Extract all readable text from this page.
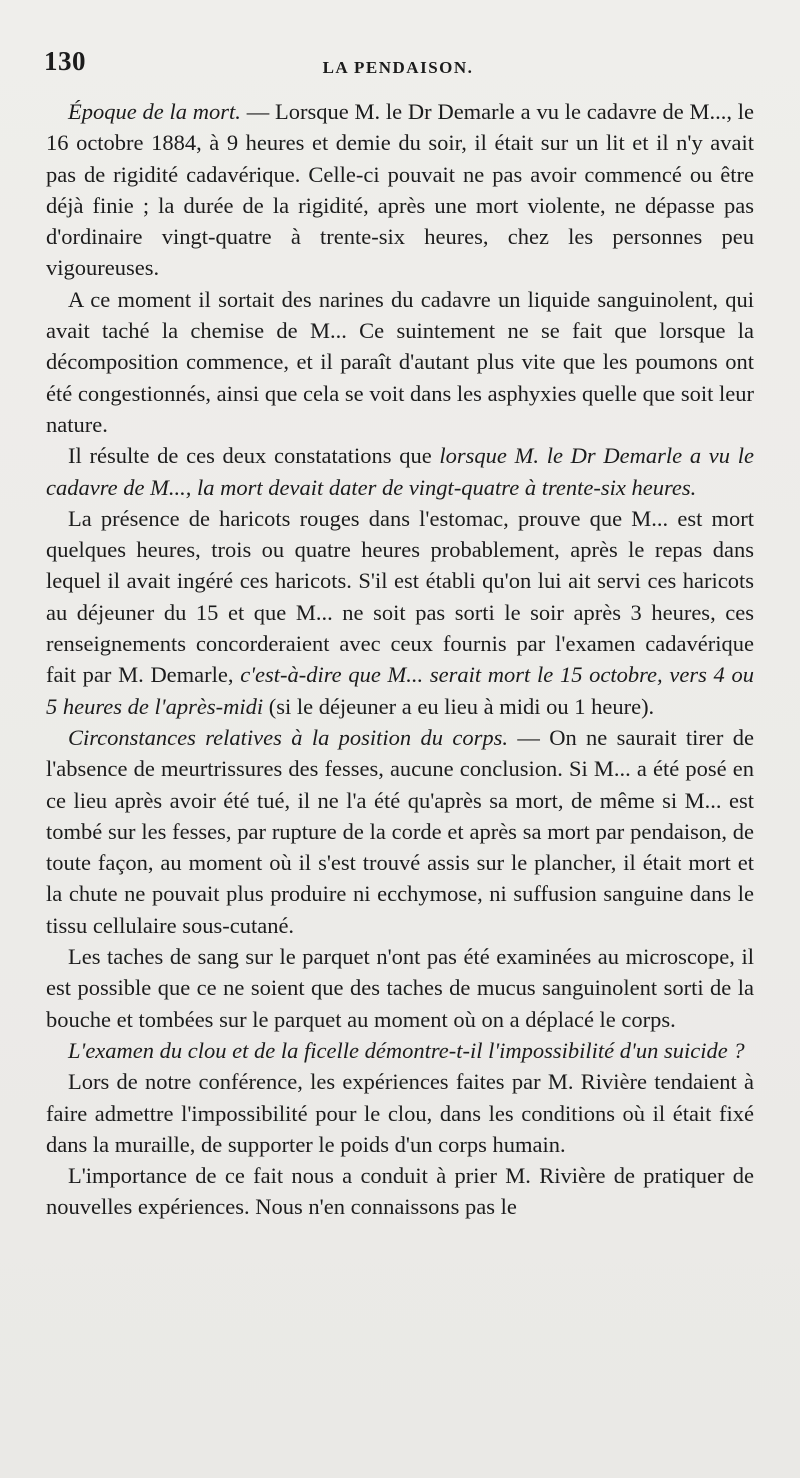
130	LA PENDAISON.

Époque de la mort. — Lorsque M. le Dr Demarle a vu le cadavre de M..., le 16 octobre 1884, à 9 heures et demie du soir, il était sur un lit et il n'y avait pas de rigidité cadavérique. Celle-ci pouvait ne pas avoir commencé ou être déjà finie ; la durée de la rigidité, après une mort violente, ne dépasse pas d'ordinaire vingt-quatre à trente-six heures, chez les personnes peu vigoureuses.

A ce moment il sortait des narines du cadavre un liquide sanguinolent, qui avait taché la chemise de M... Ce suintement ne se fait que lorsque la décomposition commence, et il paraît d'autant plus vite que les poumons ont été congestionnés, ainsi que cela se voit dans les asphyxies quelle que soit leur nature.

Il résulte de ces deux constatations que lorsque M. le Dr Demarle a vu le cadavre de M..., la mort devait dater de vingt-quatre à trente-six heures.

La présence de haricots rouges dans l'estomac, prouve que M... est mort quelques heures, trois ou quatre heures probablement, après le repas dans lequel il avait ingéré ces haricots. S'il est établi qu'on lui ait servi ces haricots au déjeuner du 15 et que M... ne soit pas sorti le soir après 3 heures, ces renseignements concorderaient avec ceux fournis par l'examen cadavérique fait par M. Demarle, c'est-à-dire que M... serait mort le 15 octobre, vers 4 ou 5 heures de l'après-midi (si le déjeuner a eu lieu à midi ou 1 heure).

Circonstances relatives à la position du corps. — On ne saurait tirer de l'absence de meurtrissures des fesses, aucune conclusion. Si M... a été posé en ce lieu après avoir été tué, il ne l'a été qu'après sa mort, de même si M... est tombé sur les fesses, par rupture de la corde et après sa mort par pendaison, de toute façon, au moment où il s'est trouvé assis sur le plancher, il était mort et la chute ne pouvait plus produire ni ecchymose, ni suffusion sanguine dans le tissu cellulaire sous-cutané.

Les taches de sang sur le parquet n'ont pas été examinées au microscope, il est possible que ce ne soient que des taches de mucus sanguinolent sorti de la bouche et tombées sur le parquet au moment où on a déplacé le corps.

L'examen du clou et de la ficelle démontre-t-il l'impossibilité d'un suicide ?

Lors de notre conférence, les expériences faites par M. Rivière tendaient à faire admettre l'impossibilité pour le clou, dans les conditions où il était fixé dans la muraille, de supporter le poids d'un corps humain.

L'importance de ce fait nous a conduit à prier M. Rivière de pratiquer de nouvelles expériences. Nous n'en connaissons pas le
